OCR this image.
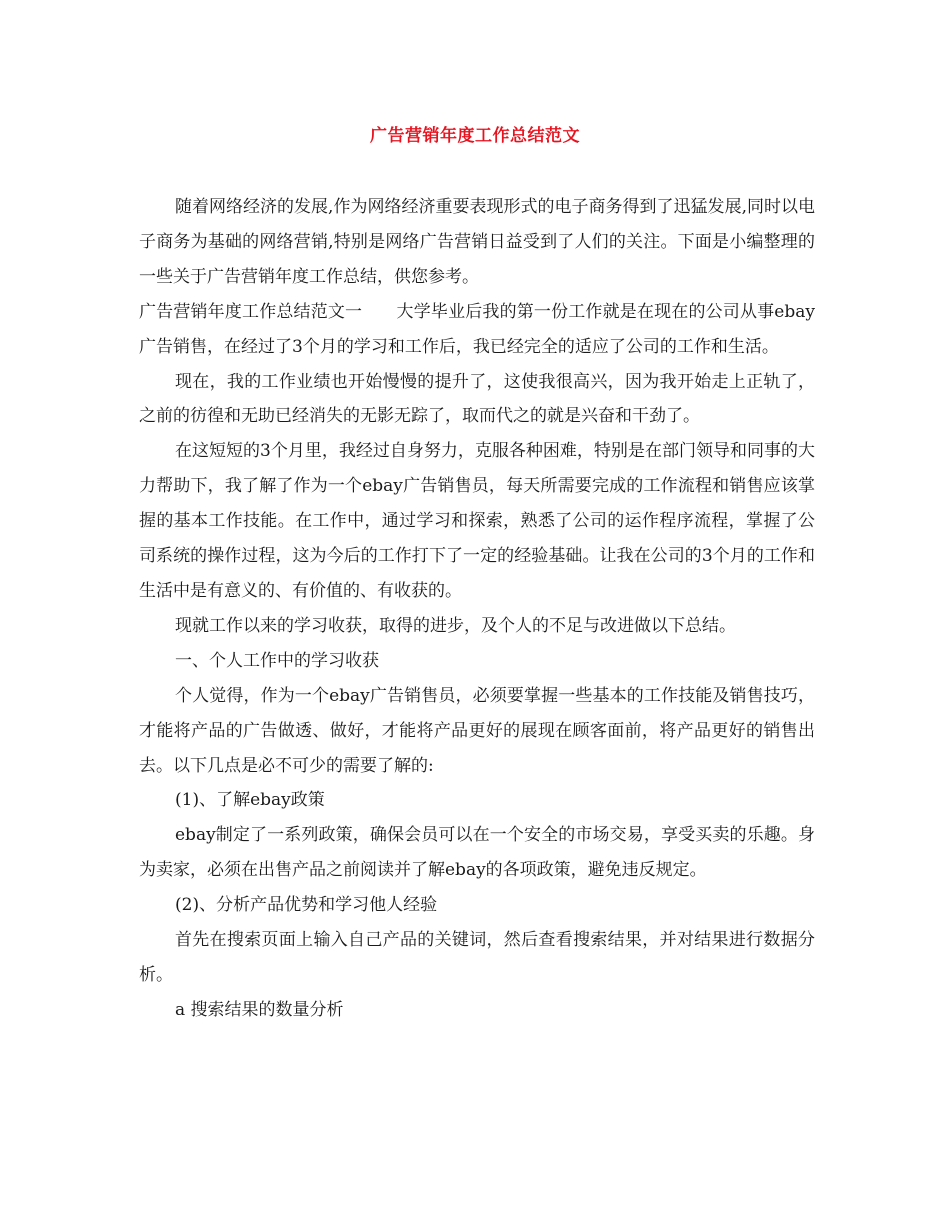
广告营销年度工作总结范文

随着网络经济的发展,作为网络经济重要表现形式的电子商务得到了迅猛发展,同时以电子商务为基础的网络营销,特别是网络广告营销日益受到了人们的关注。下面是小编整理的一些关于广告营销年度工作总结，供您参考。

广告营销年度工作总结范文一　　大学毕业后我的第一份工作就是在现在的公司从事ebay广告销售，在经过了3个月的学习和工作后，我已经完全的适应了公司的工作和生活。

现在，我的工作业绩也开始慢慢的提升了，这使我很高兴，因为我开始走上正轨了，之前的彷徨和无助已经消失的无影无踪了，取而代之的就是兴奋和干劲了。

在这短短的3个月里，我经过自身努力，克服各种困难，特别是在部门领导和同事的大力帮助下，我了解了作为一个ebay广告销售员，每天所需要完成的工作流程和销售应该掌握的基本工作技能。在工作中，通过学习和探索，熟悉了公司的运作程序流程，掌握了公司系统的操作过程，这为今后的工作打下了一定的经验基础。让我在公司的3个月的工作和生活中是有意义的、有价值的、有收获的。

现就工作以来的学习收获，取得的进步，及个人的不足与改进做以下总结。

一、个人工作中的学习收获

个人觉得，作为一个ebay广告销售员，必须要掌握一些基本的工作技能及销售技巧，才能将产品的广告做透、做好，才能将产品更好的展现在顾客面前，将产品更好的销售出去。以下几点是必不可少的需要了解的:

(1)、了解ebay政策

ebay制定了一系列政策，确保会员可以在一个安全的市场交易，享受买卖的乐趣。身为卖家，必须在出售产品之前阅读并了解ebay的各项政策，避免违反规定。

(2)、分析产品优势和学习他人经验

首先在搜索页面上输入自己产品的关键词，然后查看搜索结果，并对结果进行数据分析。

a 搜索结果的数量分析
